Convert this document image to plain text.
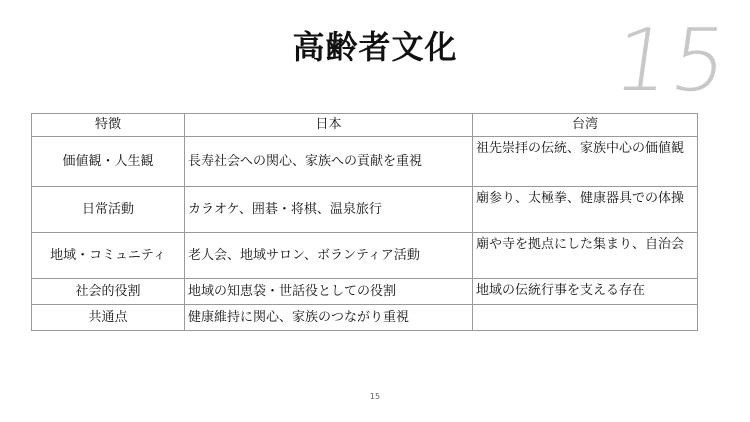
高齢者文化	15
特徴	日本	台湾
価値観・人生観	長寿社会への関心、家族への貢献を重視	祖先崇拝の伝統、家族中心の価値観
日常活動	カラオケ、囲碁・将棋、温泉旅行	廟参り、太極拳、健康器具での体操
地域・コミュニティ	老人会、地域サロン、ボランティア活動	廟や寺を拠点にした集まり、自治会
社会的役割	地域の知恵袋・世話役としての役割	地域の伝統行事を支える存在
共通点	健康維持に関心、家族のつながり重視	
15
